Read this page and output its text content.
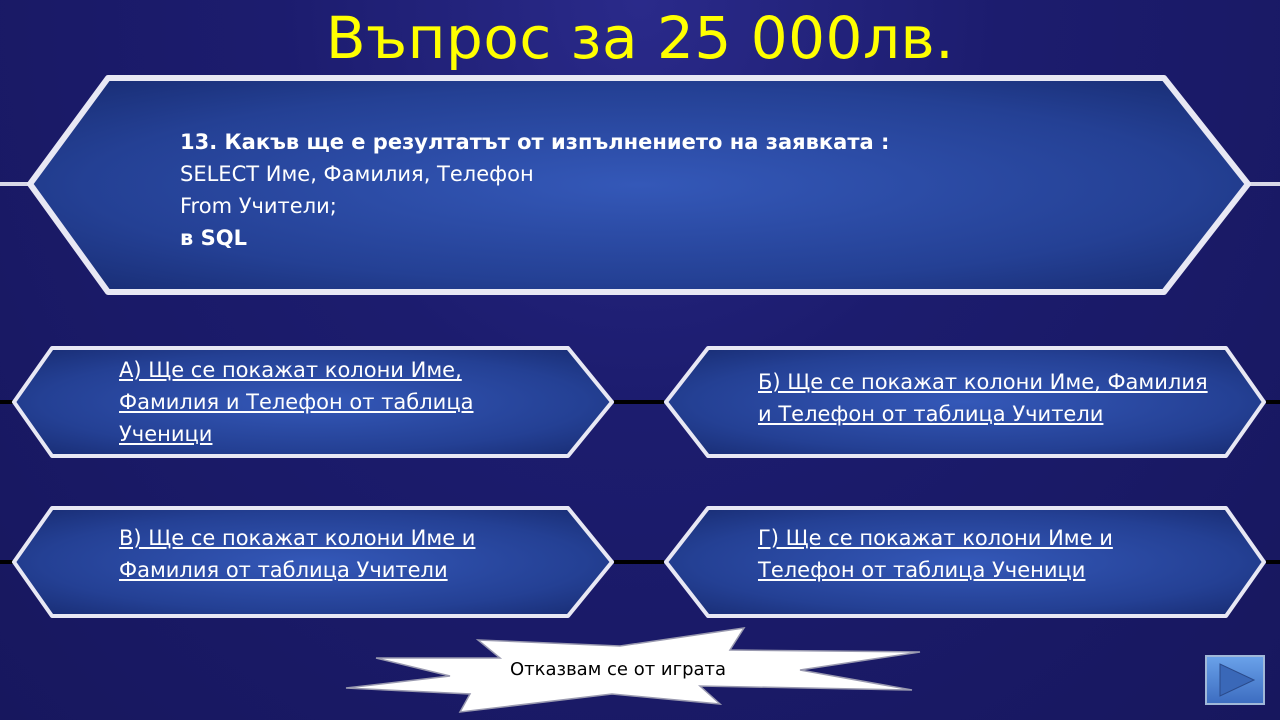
Въпрос за 25 000лв.
13. Какъв ще е резултатът от изпълнението на заявката :
SELECT Име, Фамилия, Телефон
From Учители;
в SQL
А) Ще се покажат колони Име,
Фамилия и Телефон от таблица
Ученици
Б) Ще се покажат колони Име, Фамилия
и Телефон от таблица Учители
В) Ще се покажат колони Име и
Фамилия от таблица Учители
Г) Ще се покажат колони Име и
Телефон от таблица Ученици
Отказвам се от играта
